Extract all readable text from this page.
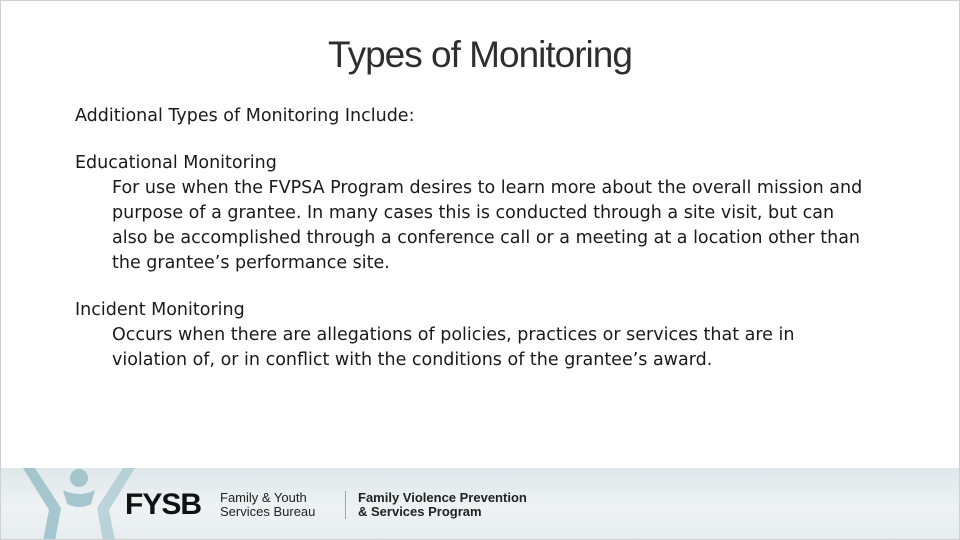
Types of Monitoring

Additional Types of Monitoring Include:

Educational Monitoring

For use when the FVPSA Program desires to learn more about the overall mission and purpose of a grantee. In many cases this is conducted through a site visit, but can also be accomplished through a conference call or a meeting at a location other than the grantee’s performance site.

Incident Monitoring

Occurs when there are allegations of policies, practices or services that are in violation of, or in conflict with the conditions of the grantee’s award.

FYSB Family & Youth
Services Bureau
Family Violence Prevention
& Services Program
